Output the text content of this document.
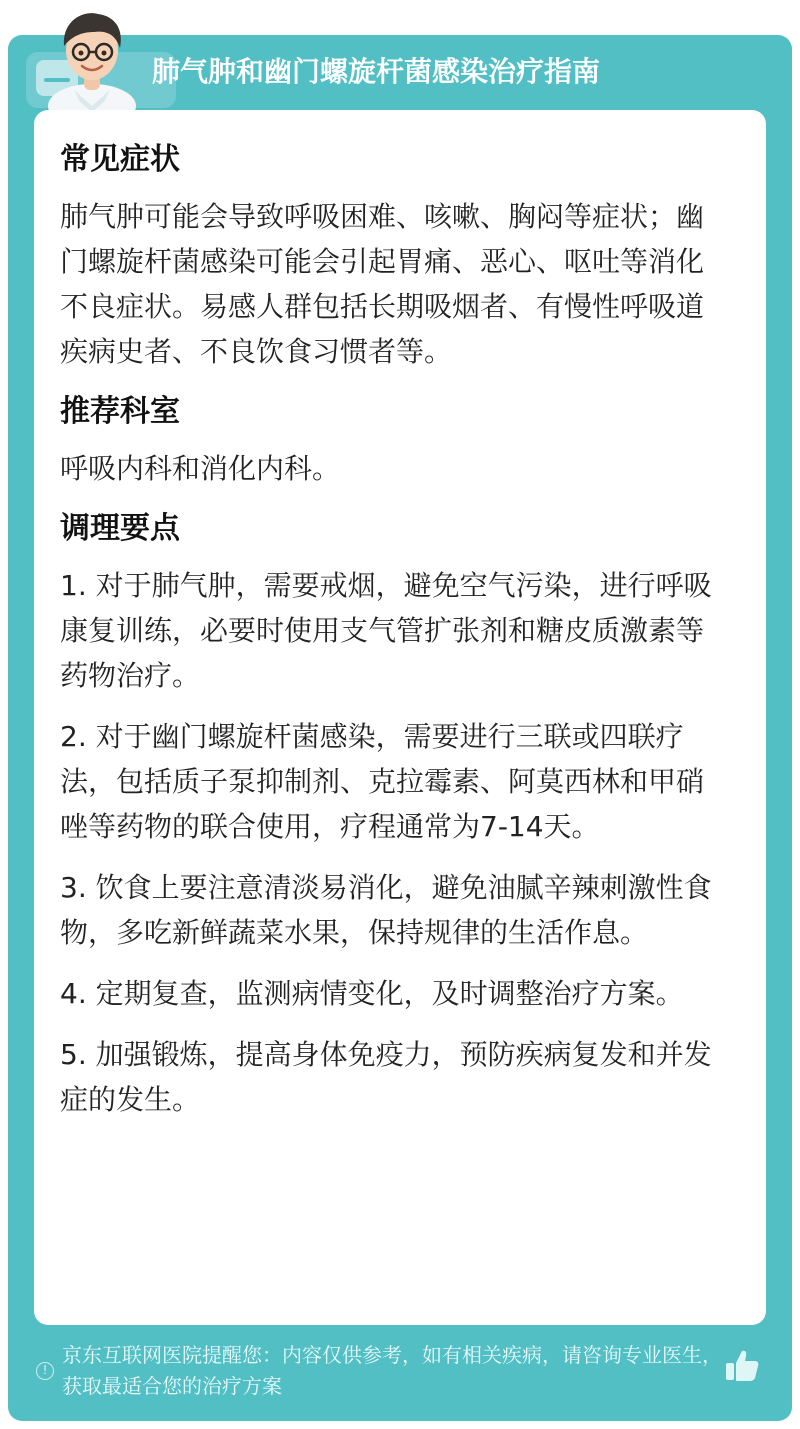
肺气肿和幽门螺旋杆菌感染治疗指南
常见症状

肺气肿可能会导致呼吸困难、咳嗽、胸闷等症状；幽门螺旋杆菌感染可能会引起胃痛、恶心、呕吐等消化不良症状。易感人群包括长期吸烟者、有慢性呼吸道疾病史者、不良饮食习惯者等。

推荐科室

呼吸内科和消化内科。

调理要点

1. 对于肺气肿，需要戒烟，避免空气污染，进行呼吸康复训练，必要时使用支气管扩张剂和糖皮质激素等药物治疗。

2. 对于幽门螺旋杆菌感染，需要进行三联或四联疗法，包括质子泵抑制剂、克拉霉素、阿莫西林和甲硝唑等药物的联合使用，疗程通常为7-14天。

3. 饮食上要注意清淡易消化，避免油腻辛辣刺激性食物，多吃新鲜蔬菜水果，保持规律的生活作息。

4. 定期复查，监测病情变化，及时调整治疗方案。

5. 加强锻炼，提高身体免疫力，预防疾病复发和并发症的发生。

!
京东互联网医院提醒您：内容仅供参考，如有相关疾病，请咨询专业医生，获取最适合您的治疗方案
